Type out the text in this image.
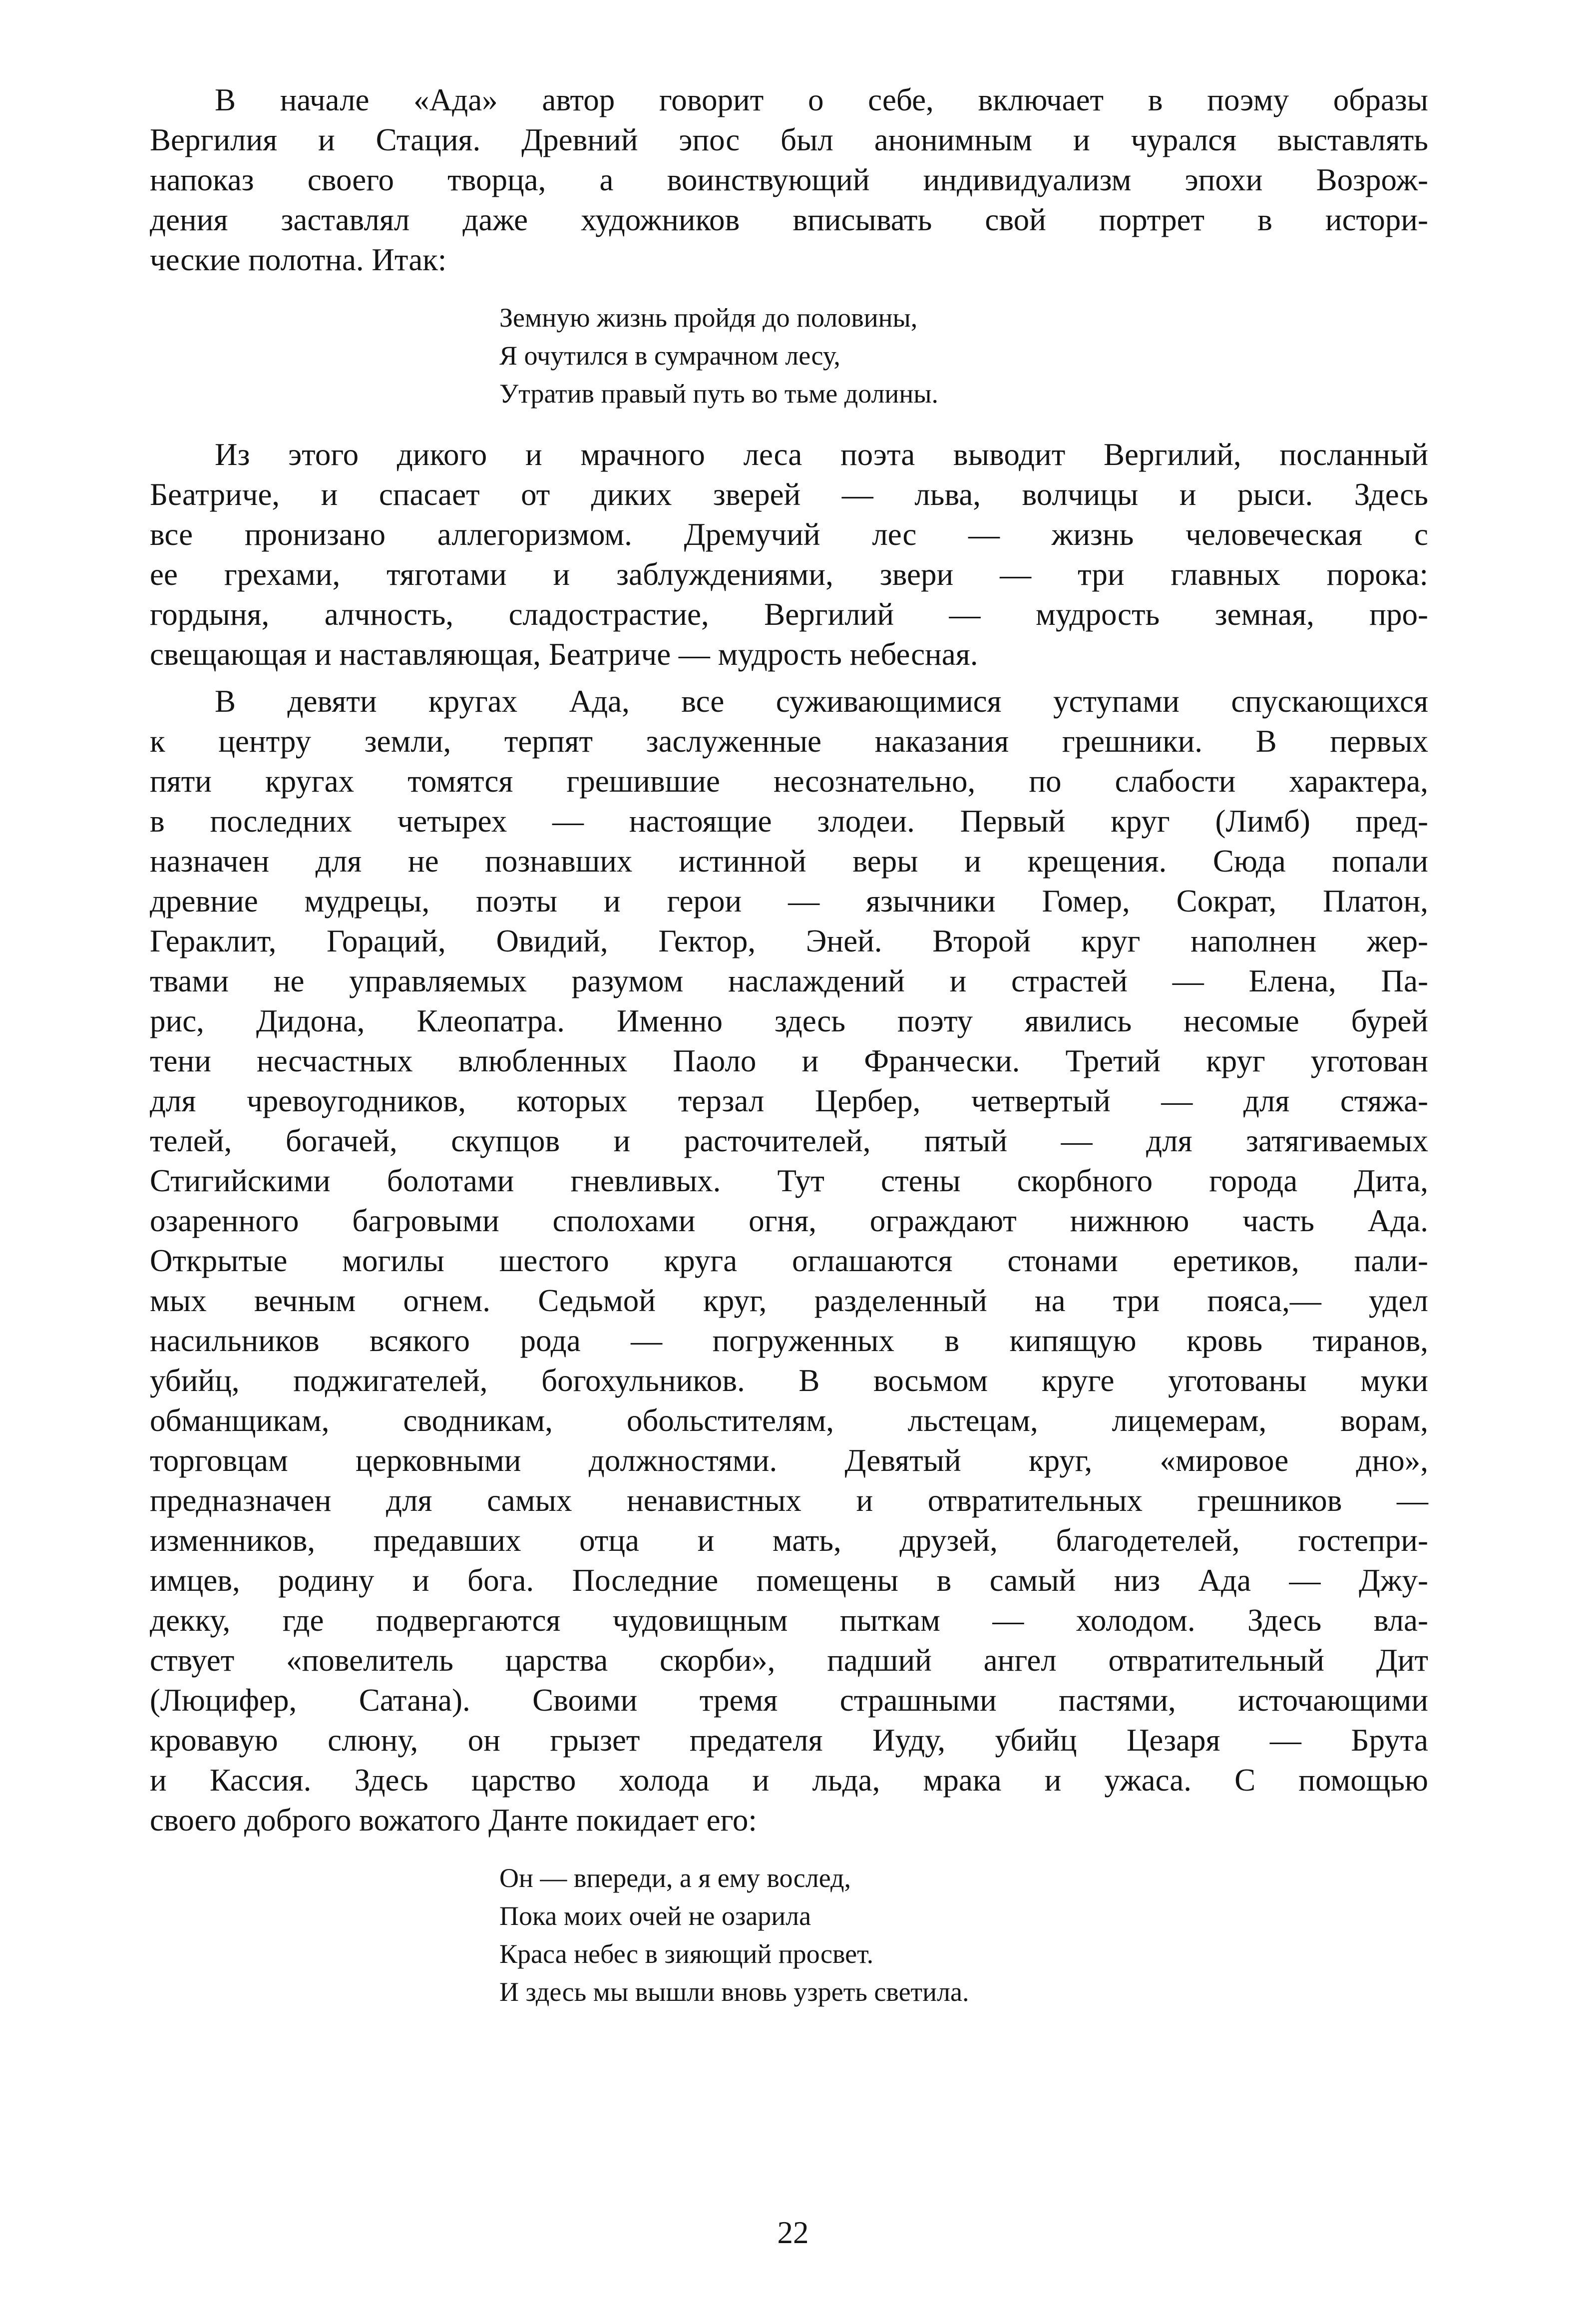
В начале «Ада» автор говорит о себе, включает в поэму образы
Вергилия и Стация. Древний эпос был анонимным и чурался выставлять
напоказ своего творца, а воинствующий индивидуализм эпохи Возрож-
дения заставлял даже художников вписывать свой портрет в истори-
ческие полотна. Итак:

Земную жизнь пройдя до половины,
Я очутился в сумрачном лесу,
Утратив правый путь во тьме долины.

Из этого дикого и мрачного леса поэта выводит Вергилий, посланный
Беатриче, и спасает от диких зверей — льва, волчицы и рыси. Здесь
все пронизано аллегоризмом. Дремучий лес — жизнь человеческая с
ее грехами, тяготами и заблуждениями, звери — три главных порока:
гордыня, алчность, сладострастие, Вергилий — мудрость земная, про-
свещающая и наставляющая, Беатриче — мудрость небесная.

В девяти кругах Ада, все суживающимися уступами спускающихся
к центру земли, терпят заслуженные наказания грешники. В первых
пяти кругах томятся грешившие несознательно, по слабости характера,
в последних четырех — настоящие злодеи. Первый круг (Лимб) пред-
назначен для не познавших истинной веры и крещения. Сюда попали
древние мудрецы, поэты и герои — язычники Гомер, Сократ, Платон,
Гераклит, Гораций, Овидий, Гектор, Эней. Второй круг наполнен жер-
твами не управляемых разумом наслаждений и страстей — Елена, Па-
рис, Дидона, Клеопатра. Именно здесь поэту явились несомые бурей
тени несчастных влюбленных Паоло и Франчески. Третий круг уготован
для чревоугодников, которых терзал Цербер, четвертый — для стяжа-
телей, богачей, скупцов и расточителей, пятый — для затягиваемых
Стигийскими болотами гневливых. Тут стены скорбного города Дита,
озаренного багровыми сполохами огня, ограждают нижнюю часть Ада.
Открытые могилы шестого круга оглашаются стонами еретиков, пали-
мых вечным огнем. Седьмой круг, разделенный на три пояса,— удел
насильников всякого рода — погруженных в кипящую кровь тиранов,
убийц, поджигателей, богохульников. В восьмом круге уготованы муки
обманщикам, сводникам, обольстителям, льстецам, лицемерам, ворам,
торговцам церковными должностями. Девятый круг, «мировое дно»,
предназначен для самых ненавистных и отвратительных грешников —
изменников, предавших отца и мать, друзей, благодетелей, гостепри-
имцев, родину и бога. Последние помещены в самый низ Ада — Джу-
декку, где подвергаются чудовищным пыткам — холодом. Здесь вла-
ствует «повелитель царства скорби», падший ангел отвратительный Дит
(Люцифер, Сатана). Своими тремя страшными пастями, источающими
кровавую слюну, он грызет предателя Иуду, убийц Цезаря — Брута
и Кассия. Здесь царство холода и льда, мрака и ужаса. С помощью
своего доброго вожатого Данте покидает его:

Он — впереди, а я ему вослед,
Пока моих очей не озарила
Краса небес в зияющий просвет.
И здесь мы вышли вновь узреть светила.
22
